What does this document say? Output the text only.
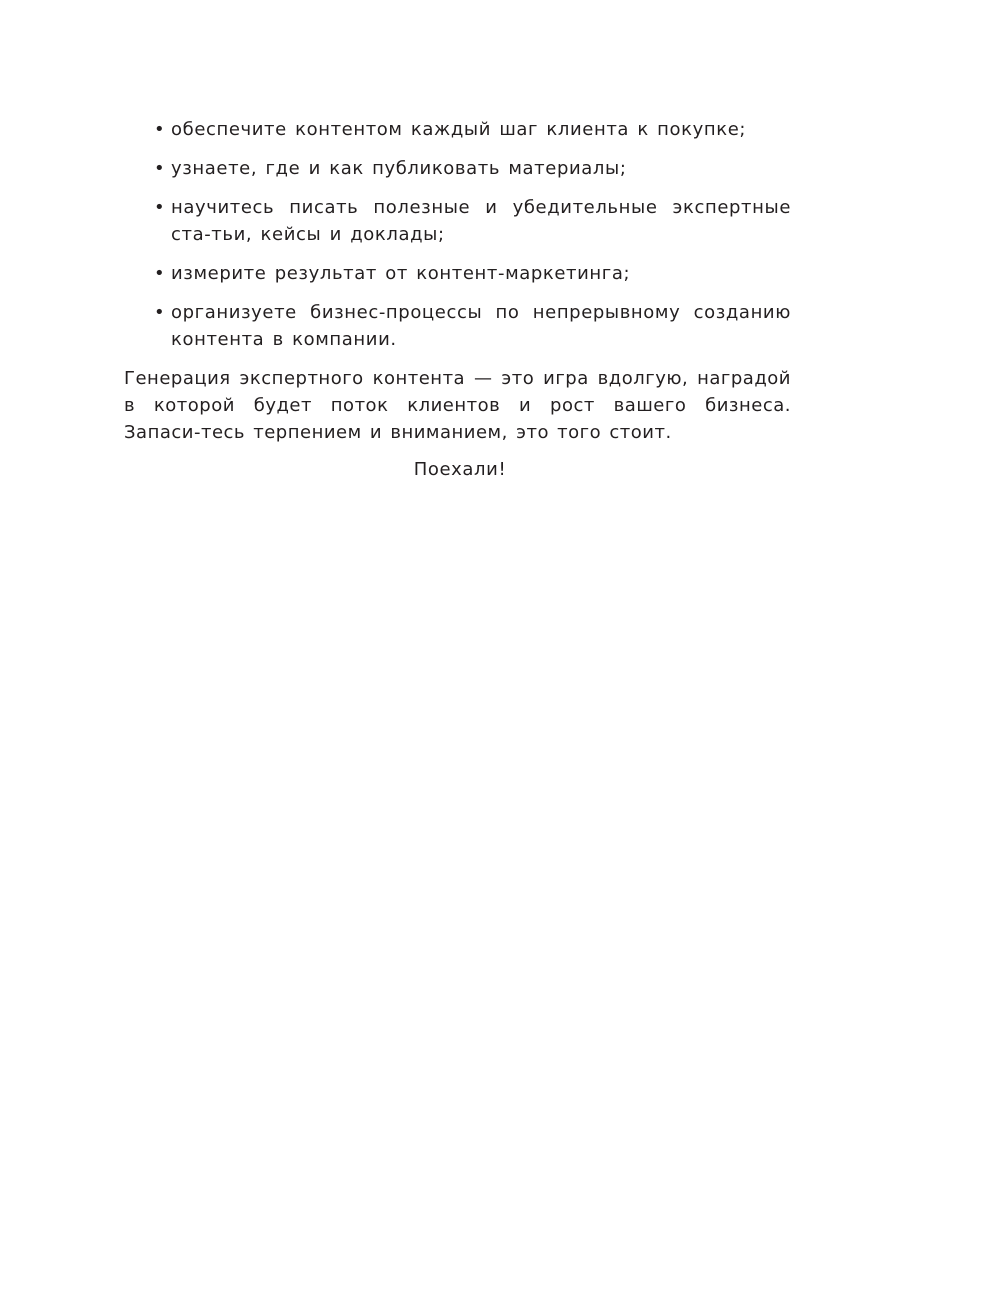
• обеспечите контентом каждый шаг клиента к покупке;
• узнаете, где и как публиковать материалы;
• научитесь писать полезные и убедительные экспертные ста-тьи, кейсы и доклады;
• измерите результат от контент-маркетинга;
• организуете бизнес-процессы по непрерывному созданию контента в компании.

Генерация экспертного контента — это игра вдолгую, наградой в которой будет поток клиентов и рост вашего бизнеса. Запаси-тесь терпением и вниманием, это того стоит.

Поехали!
